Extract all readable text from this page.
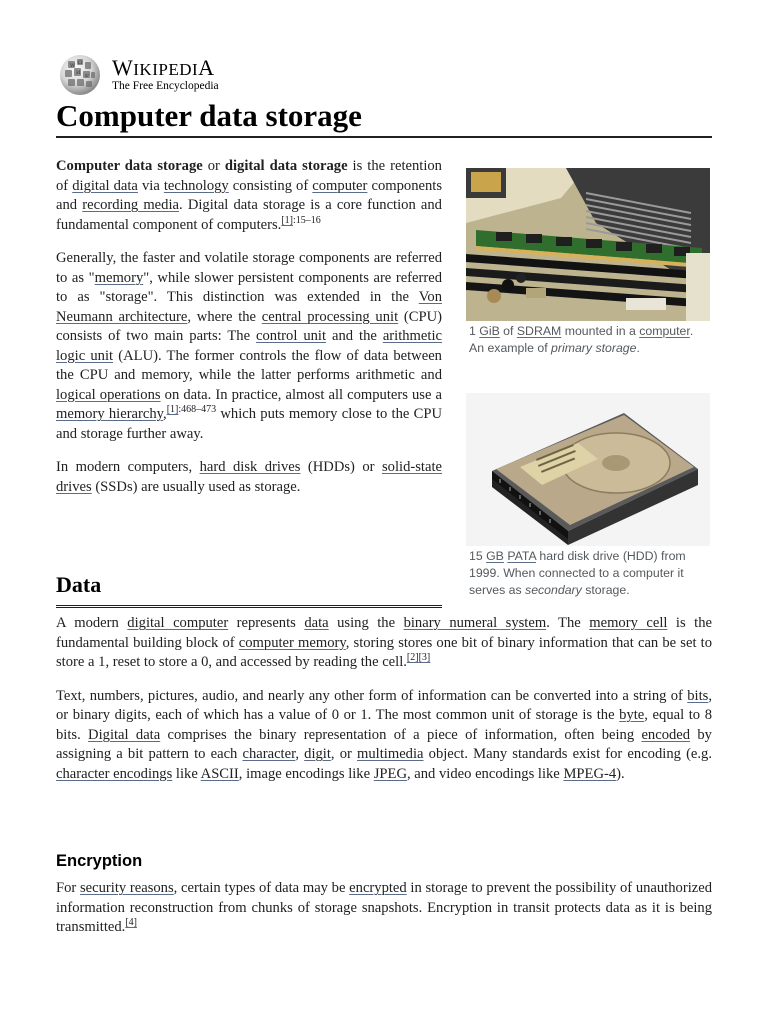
W Ω
И ש WIKIPEDIA
The Free Encyclopedia
Computer data storage

Computer data storage or digital data storage is the retention of digital data via technology consisting of computer components and recording media. Digital data storage is a core function and fundamental component of computers.$^{[1]:15-16}$

Generally, the faster and volatile storage components are referred to as "memory", while slower persistent components are referred to as "storage". This distinction was extended in the Von Neumann architecture, where the central processing unit (CPU) consists of two main parts: The control unit and the arithmetic logic unit (ALU). The former controls the flow of data between the CPU and memory, while the latter performs arithmetic and logical operations on data. In practice, almost all computers use a memory hierarchy,$^{[1]:468-473}$ which puts memory close to the CPU and storage further away.

In modern computers, hard disk drives (HDDs) or solid-state drives (SSDs) are usually used as storage.

1 GiB of SDRAM mounted in a computer. An example of primary storage.

15 GB PATA hard disk drive (HDD) from 1999. When connected to a computer it serves as secondary storage.

Data

A modern digital computer represents data using the binary numeral system. The memory cell is the fundamental building block of computer memory, storing stores one bit of binary information that can be set to store a 1, reset to store a 0, and accessed by reading the cell.[2][3]

Text, numbers, pictures, audio, and nearly any other form of information can be converted into a string of bits, or binary digits, each of which has a value of 0 or 1. The most common unit of storage is the byte, equal to 8 bits. Digital data comprises the binary representation of a piece of information, often being encoded by assigning a bit pattern to each character, digit, or multimedia object. Many standards exist for encoding (e.g. character encodings like ASCII, image encodings like JPEG, and video encodings like MPEG-4).

Encryption

For security reasons, certain types of data may be encrypted in storage to prevent the possibility of unauthorized information reconstruction from chunks of storage snapshots. Encryption in transit protects data as it is being transmitted.[4]
